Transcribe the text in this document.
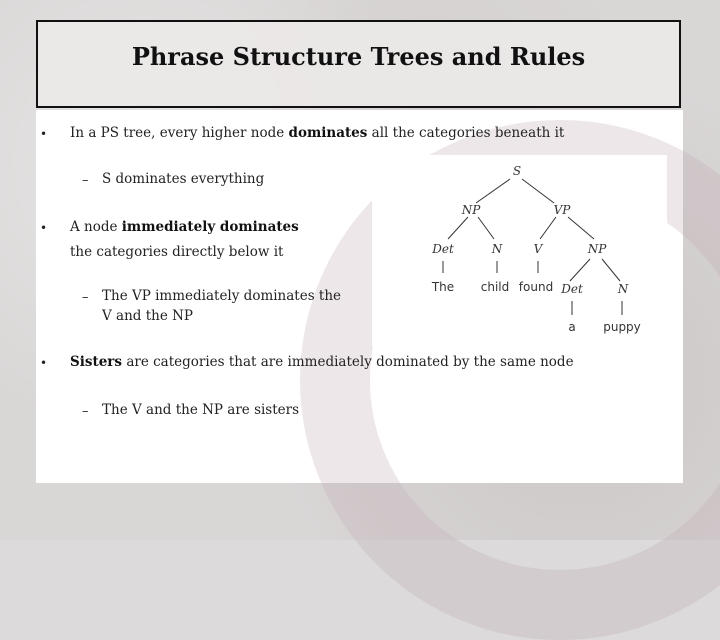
Phrase Structure Trees and Rules
• In a PS tree, every higher node dominates all the categories beneath it
– S dominates everything
• A node immediately dominates
the categories directly below it
– The VP immediately dominates the
V and the NP
• Sisters are categories that are immediately dominated by the same node
– The V and the NP are sisters
S
NP	VP
Det	N	V	NP
The child found Det	N
a puppy
